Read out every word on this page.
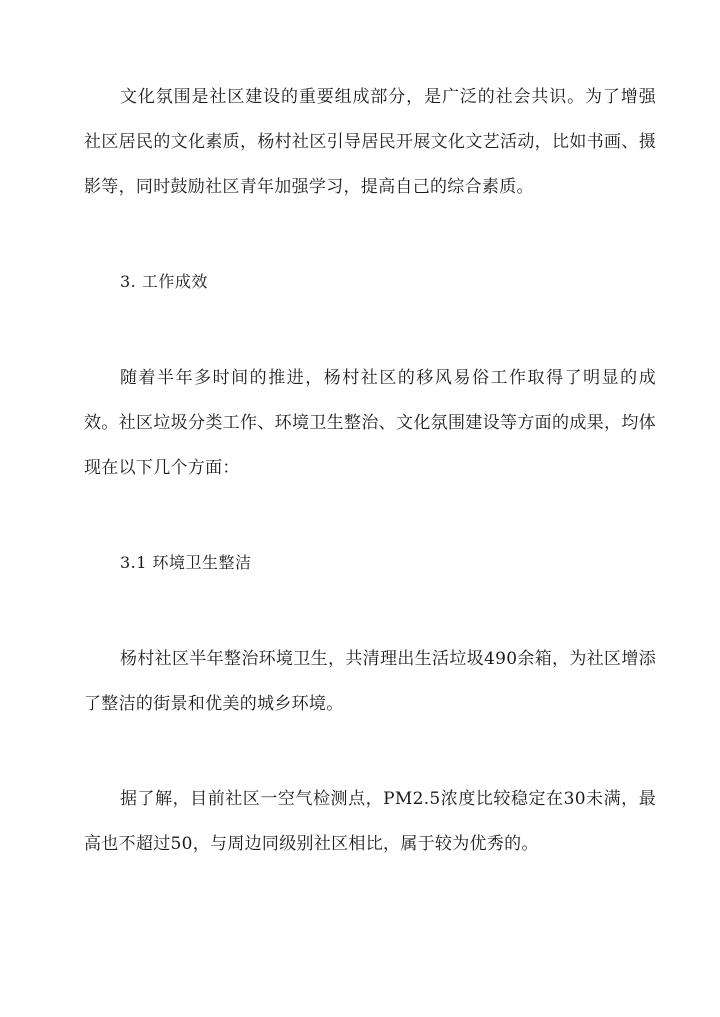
文化氛围是社区建设的重要组成部分，是广泛的社会共识。为了增强社区居民的文化素质，杨村社区引导居民开展文化文艺活动，比如书画、摄影等，同时鼓励社区青年加强学习，提高自己的综合素质。

3. 工作成效

随着半年多时间的推进，杨村社区的移风易俗工作取得了明显的成效。社区垃圾分类工作、环境卫生整治、文化氛围建设等方面的成果，均体现在以下几个方面：

3.1 环境卫生整洁

杨村社区半年整治环境卫生，共清理出生活垃圾490余箱，为社区增添了整洁的街景和优美的城乡环境。

据了解，目前社区一空气检测点，PM2.5浓度比较稳定在30未满，最高也不超过50，与周边同级别社区相比，属于较为优秀的。
